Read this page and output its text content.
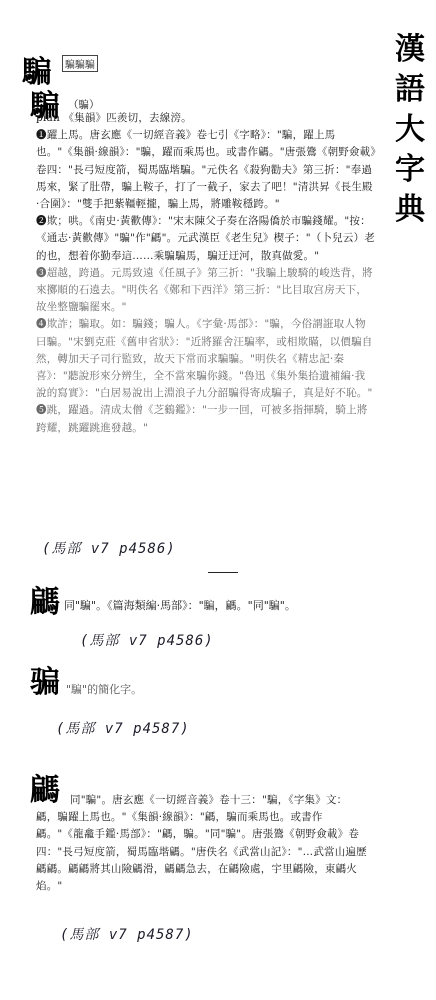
漢
語
大
字
典
騙	騙騙騙
騙 （騙）

piàn 《集韻》匹羨切，去線滂。

❶躍上馬。唐玄應《一切經音義》卷七引《字略》："騙，躍上馬也。"《集韻·線韻》："騙，躍而乘馬也。或書作騗。"唐張鷟《朝野僉載》卷四："長弓短度箭，蜀馬臨堦騙。"元佚名《殺狗勸夫》第三折："奉過馬來，緊了肚帶，騙上鞍子，打了一截子，家去了吧！"清洪昇《長生殿·合圍》："雙手把紫韁輕攏，騙上馬，將雕鞍穩跨。"

❷欺；哄。《南史·黃歡傳》："宋末陳父子奏在洛陽僑於市騙錢耀。"按：《通志·黃歡傳》"騙"作"騗"。元武漢臣《老生兒》楔子："（卜兒云）老的也，想着你勤奉這……乘騙騙馬，騙迂迂河，散真做愛。"

❸超越，跨過。元馬致遠《任風子》第三折："我騙上駿騎的峻迭背，將來擲順的石遶去。"明佚名《鄭和下西洋》第三折："比目取宫房天下，故坐整鹽騙罷來。"

❹欺詐；騙取。如：騙錢；騙人。《字彙·馬部》："騙，今俗謂誑取人物曰騙。"宋劉克莊《舊申省狀》："近將羅舍汪騙率，或相欺瞞，以價騙自然，轉加天子司行監致，故天下常而求騙騙。"明佚名《精忠記·秦喜》："聽說形來分辨生，全不當來騙你錢。"魯迅《集外集拾遺補編·我說的寫實》："白居易說出上淵浪子九分韶騙得寄成騙子，真是好不恥。"

❺跳，躍過。清成太僧《芝鶴鑑》："一步一回，可被多指揮騎，騎上將跨耀，跳躍跳進發越。"

(馬部 v7 p4586)
騗 同"騙"。《篇海類編·馬部》："騙，騗。"同"騙"。
(馬部 v7 p4586)
骗 "騙"的簡化字。
(馬部 v7 p4587)
騗 同"騙"。唐玄應《一切經音義》卷十三："騙，《字集》文：騗，騙躍上馬也。"《集韻·線韻》："騗，騙而乘馬也。或書作騗。"《龍龕手鑑·馬部》："騗，騙。"同"騙"。唐張鷟《朝野僉載》卷四："長弓短度箭，蜀馬臨堦騗。"唐佚名《武當山記》："…武當山遍歷騗騗。騗騗將其山險騗滑，騗騗急去，在騗險處，宇里騗險，東騗火焰。"

(馬部 v7 p4587)
